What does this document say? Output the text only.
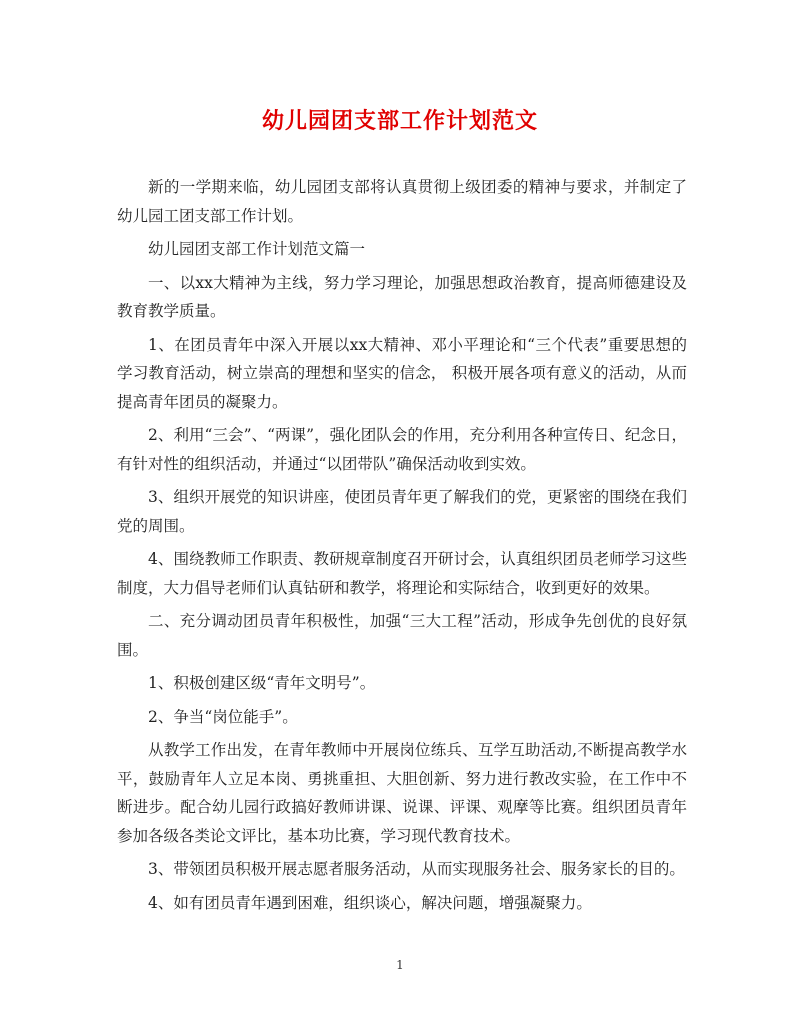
幼儿园团支部工作计划范文

新的一学期来临，幼儿园团支部将认真贯彻上级团委的精神与要求，并制定了幼儿园工团支部工作计划。

幼儿园团支部工作计划范文篇一

一、以xx大精神为主线，努力学习理论，加强思想政治教育，提高师德建设及教育教学质量。

1、在团员青年中深入开展以xx大精神、邓小平理论和“三个代表”重要思想的学习教育活动，树立崇高的理想和坚实的信念， 积极开展各项有意义的活动，从而提高青年团员的凝聚力。

2、利用“三会”、“两课”，强化团队会的作用，充分利用各种宣传日、纪念日，有针对性的组织活动，并通过“以团带队”确保活动收到实效。

3、组织开展党的知识讲座，使团员青年更了解我们的党，更紧密的围绕在我们党的周围。

4、围绕教师工作职责、教研规章制度召开研讨会，认真组织团员老师学习这些制度，大力倡导老师们认真钻研和教学，将理论和实际结合，收到更好的效果。

二、充分调动团员青年积极性，加强“三大工程”活动，形成争先创优的良好氛围。

1、积极创建区级“青年文明号”。

2、争当“岗位能手”。

从教学工作出发，在青年教师中开展岗位练兵、互学互助活动,不断提高教学水平，鼓励青年人立足本岗、勇挑重担、大胆创新、努力进行教改实验，在工作中不断进步。配合幼儿园行政搞好教师讲课、说课、评课、观摩等比赛。组织团员青年参加各级各类论文评比，基本功比赛，学习现代教育技术。

3、带领团员积极开展志愿者服务活动，从而实现服务社会、服务家长的目的。

4、如有团员青年遇到困难，组织谈心，解决问题，增强凝聚力。

1
